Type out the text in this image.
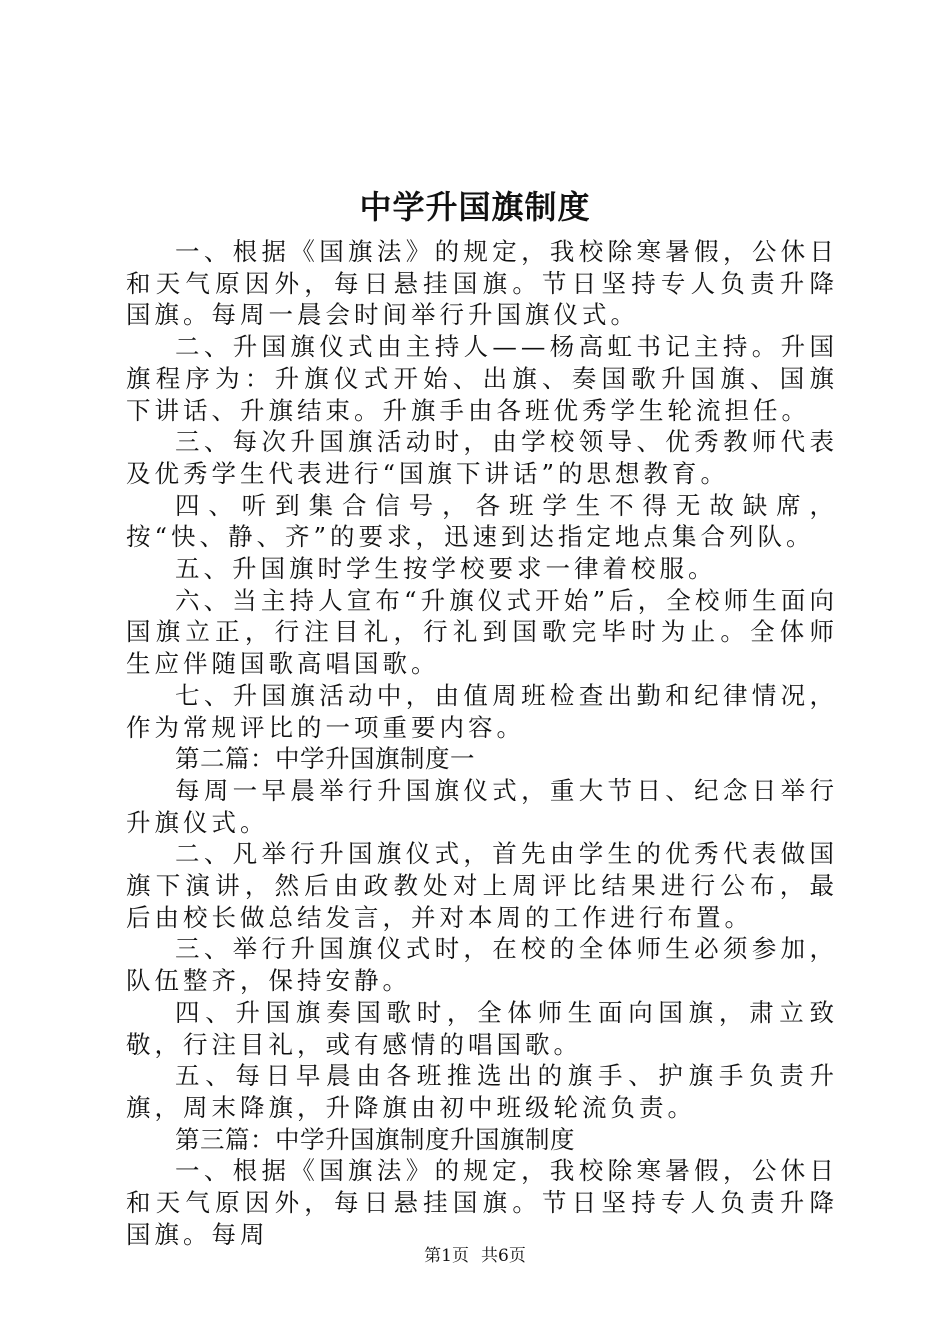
中学升国旗制度

一、根据《国旗法》的规定，我校除寒暑假，公休日和天气原因外，每日悬挂国旗。节日坚持专人负责升降国旗。每周一晨会时间举行升国旗仪式。

二、升国旗仪式由主持人——杨高虹书记主持。升国旗程序为：升旗仪式开始、出旗、奏国歌升国旗、国旗下讲话、升旗结束。升旗手由各班优秀学生轮流担任。

三、每次升国旗活动时，由学校领导、优秀教师代表及优秀学生代表进行“国旗下讲话”的思想教育。

四、听到集合信号，各班学生不得无故缺席，按“快、静、齐”的要求，迅速到达指定地点集合列队。

五、升国旗时学生按学校要求一律着校服。

六、当主持人宣布“升旗仪式开始”后，全校师生面向国旗立正，行注目礼，行礼到国歌完毕时为止。全体师生应伴随国歌高唱国歌。

七、升国旗活动中，由值周班检查出勤和纪律情况，作为常规评比的一项重要内容。

第二篇：中学升国旗制度一

每周一早晨举行升国旗仪式，重大节日、纪念日举行升旗仪式。

二、凡举行升国旗仪式，首先由学生的优秀代表做国旗下演讲，然后由政教处对上周评比结果进行公布，最后由校长做总结发言，并对本周的工作进行布置。

三、举行升国旗仪式时，在校的全体师生必须参加，队伍整齐，保持安静。

四、升国旗奏国歌时，全体师生面向国旗，肃立致敬，行注目礼，或有感情的唱国歌。

五、每日早晨由各班推选出的旗手、护旗手负责升旗，周末降旗，升降旗由初中班级轮流负责。

第三篇：中学升国旗制度升国旗制度

一、根据《国旗法》的规定，我校除寒暑假，公休日和天气原因外，每日悬挂国旗。节日坚持专人负责升降国旗。每周

第1页 共6页
